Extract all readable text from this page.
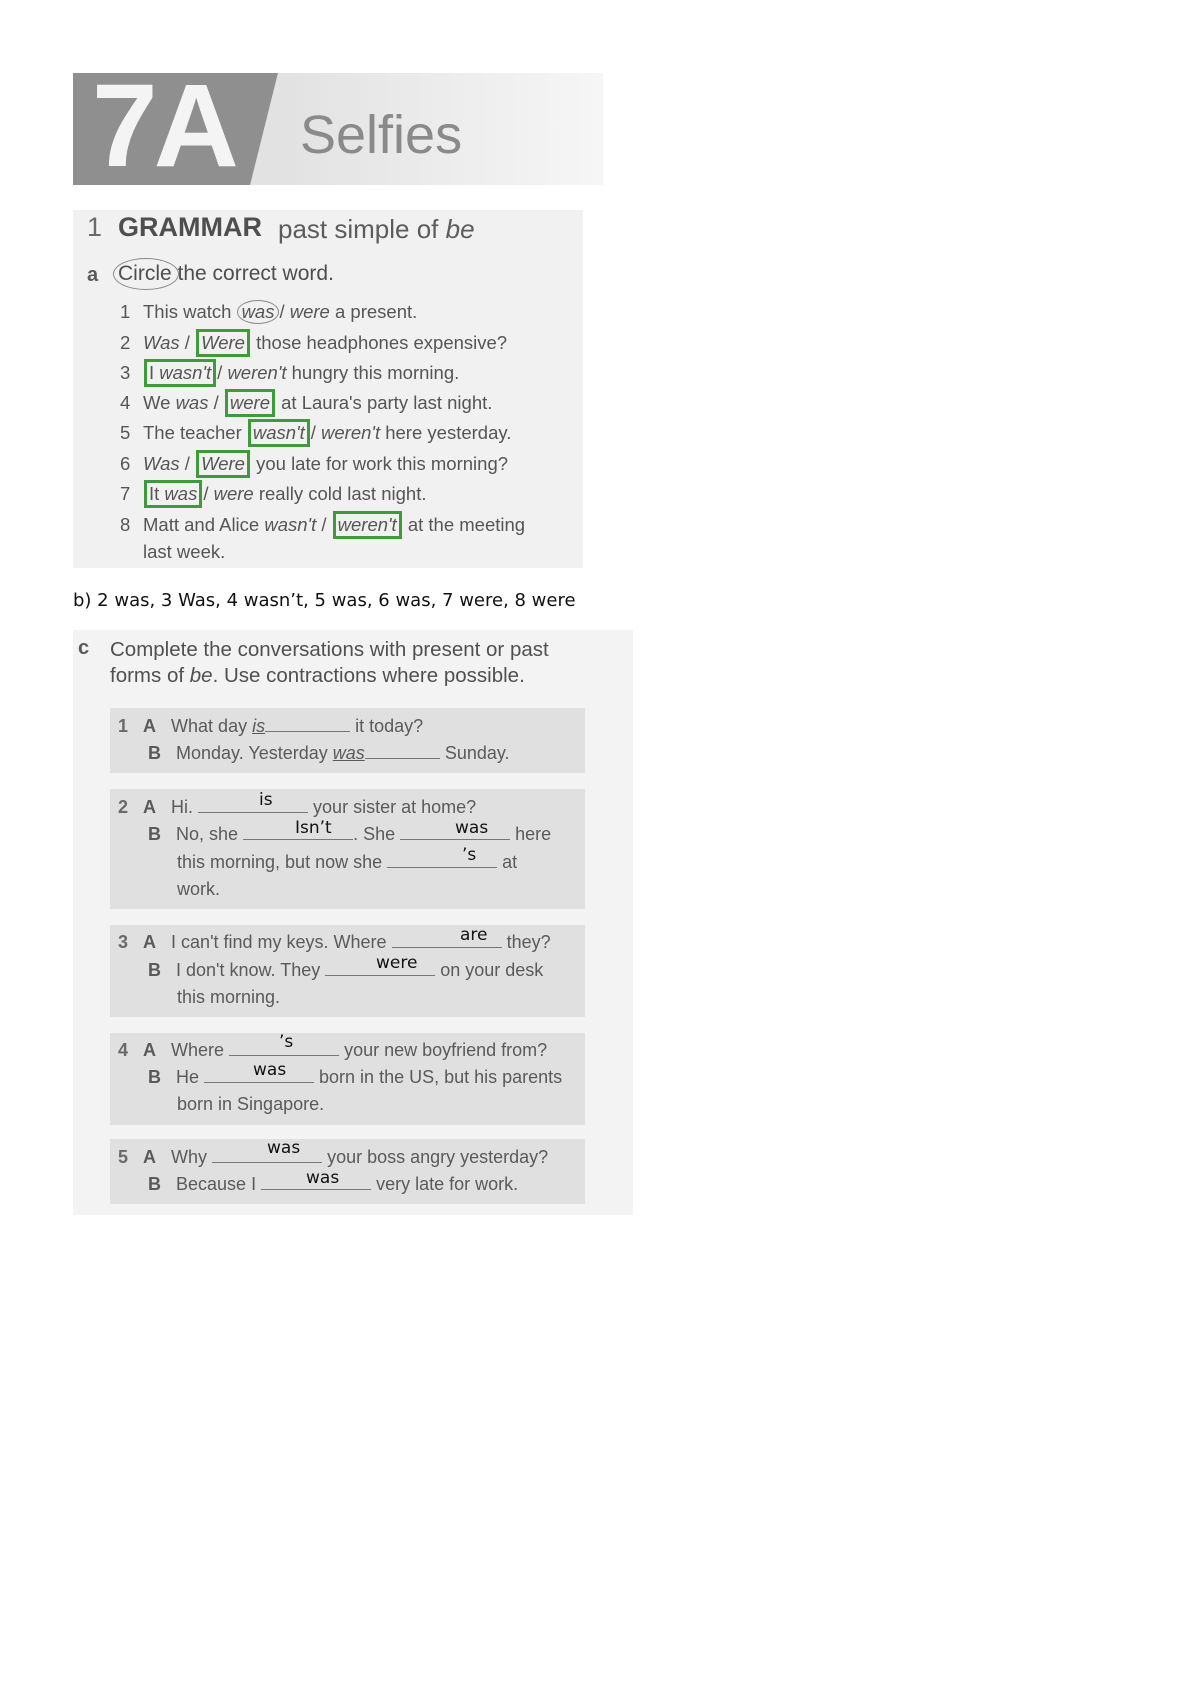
7A Selfies
1 GRAMMAR past simple of be
a Circle the correct word.
1 This watch was / were a present.
2 Was / Were those headphones expensive?
3 I wasn't / weren't hungry this morning.
4 We was / were at Laura's party last night.
5 The teacher wasn't / weren't here yesterday.
6 Was / Were you late for work this morning?
7 It was / were really cold last night.
8 Matt and Alice wasn't / weren't at the meeting
last week.
b) 2 was, 3 Was, 4 wasn’t, 5 was, 6 was, 7 were, 8 were
c Complete the conversations with present or past
forms of be. Use contractions where possible.
1 A What day is	it today?
B Monday. Yesterday was	Sunday.
2 A Hi.	your sister at home?
is
B No, she	. She	here
Isn’t	was
this morning, but now she	at
’s
work.
3 A I can't find my keys. Where	they?
are
B I don't know. They	on your desk
were
this morning.
4 A Where	your new boyfriend from?
’s
B He	born in the US, but his parents
was
born in Singapore.
5 A Why	your boss angry yesterday?
was
B Because I	very late for work.
was
